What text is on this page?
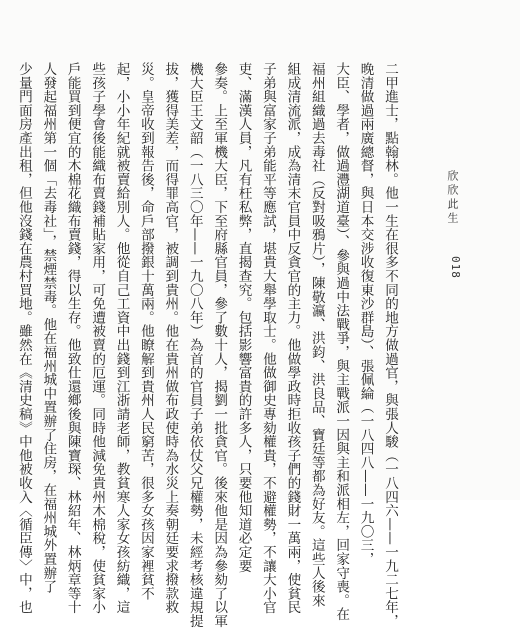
二甲進士，點翰林。他一生在很多不同的地方做過官，與張人駿（一八四六——一九二七年，
晚清做過兩廣總督，與日本交涉收復東沙群島）、張佩綸（一八四八——一九〇三，
大臣、學者，做過灃湖道臺）、參與過中法戰爭，與主戰派一因與主和派相左，回家守喪。在
福州組織過去毒社（反對吸鴉片），陳敬瀛、洪鈞、洪良品、寶廷等都為好友。這些人後來
組成清流派，成為清末官員中反貪官的主力。他做學政時拒收孩子們的錢財一萬兩，使貧民
子弟與富家子弟能平等應試，堪貴大舉學取士。他做御史專劾權貴，不避權勢，不讓大小官
吏、滿漢人員，凡有枉私弊，直揭查究。包括影響富貴的許多人，只要他知道必定要
參奏。上至軍機大臣，下至府縣官員，參了數十人，揭劉一批貪官。後來他是因為參劾了以軍
機大臣王文韶（一八三〇年——一九〇八年）為首的官員子弟依仗父兄權勢，未經考核違規提
拔，獲得美差，而得罪高官，被調到貴州。他在貴州做布政使時為水災上奏朝廷要求撥款救
災。皇帝收到報告後，命戶部撥銀十萬兩。他瞭解到貴州人民窮苦，很多女孩因家裡貧不
起，小小年紀就被賣給別人。他從自己工資中出錢到江浙請老師，教貧寒人家女孩紡織，這
些孩子學會後能織布賣錢補貼家用，可免遭被賣的厄運。同時他減免貴州木棉稅，使貧家小
戶能買到便宜的木棉花織布賣錢，得以生存。他致仕還鄉後與陳寶琛、林紹年、林炳章等十
人發起福州第一個「去毒社」，禁煙禁毒。他在福州城中置辦了住房，在福州城外置辦了
少量門面房產出租，但他沒錢在農村買地。雖然在《清史稿》中他被收入〈循臣傳〉中，也	欣欣此生
018
